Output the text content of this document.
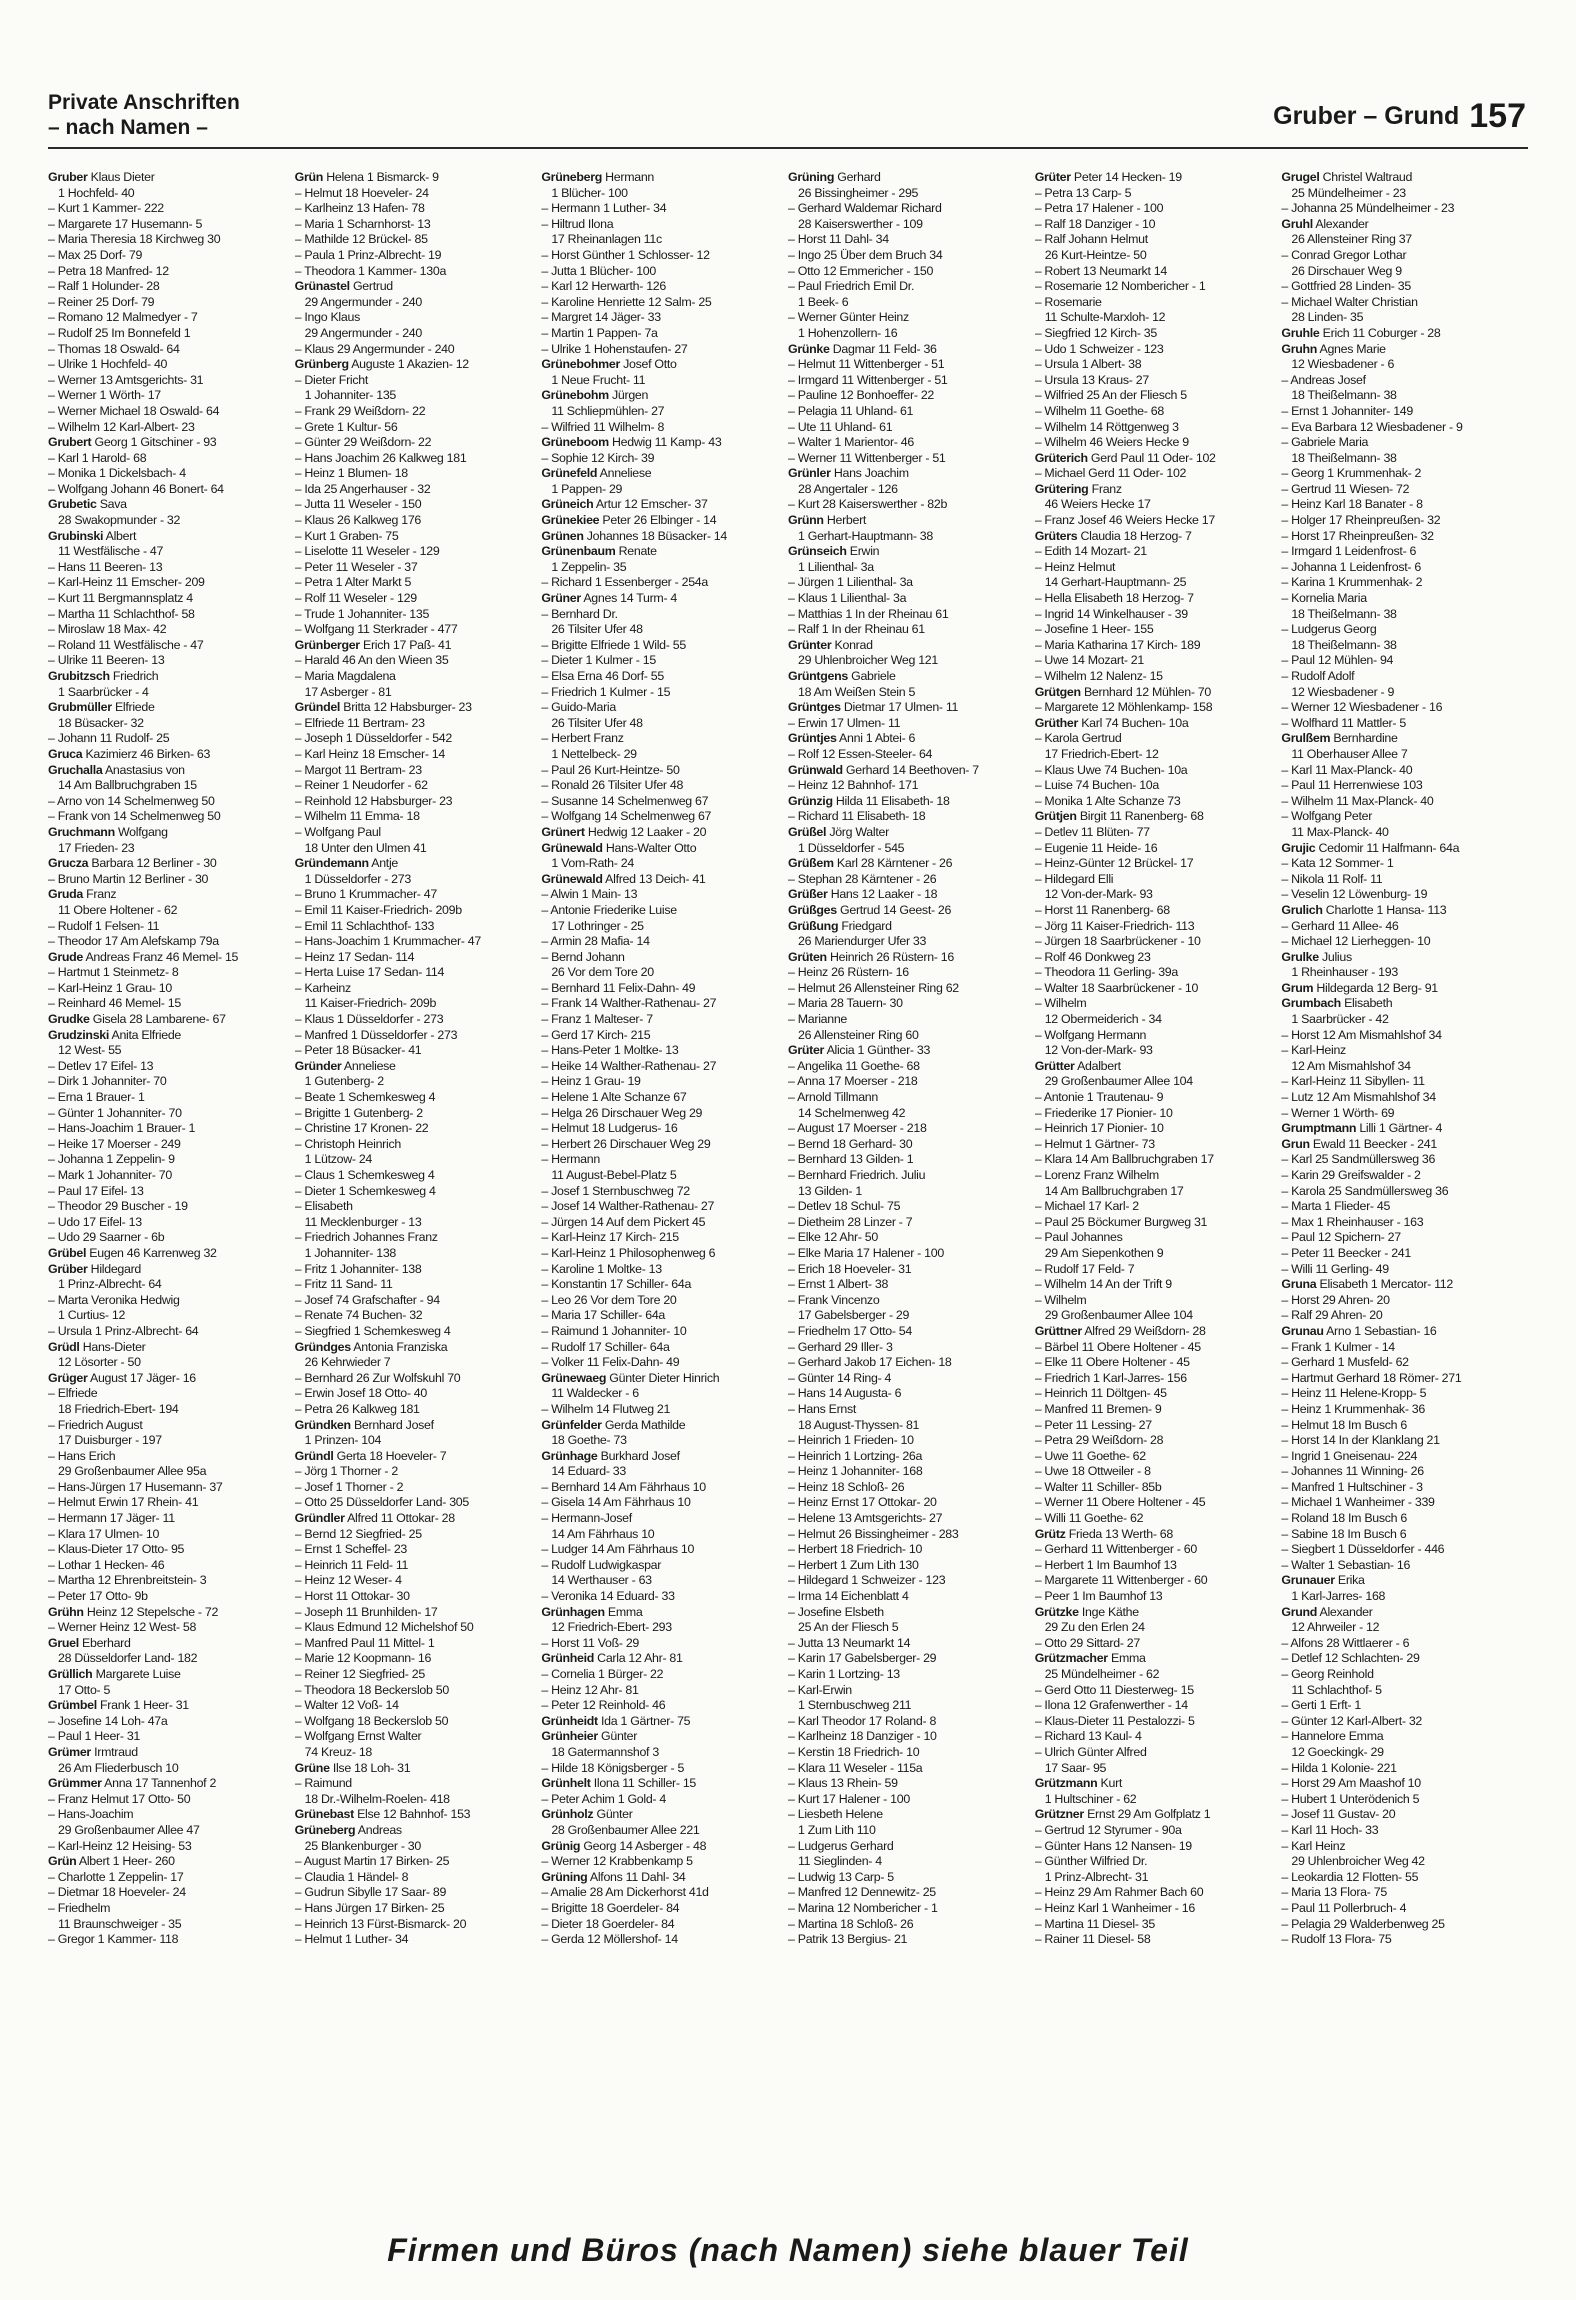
Private Anschriften
– nach Namen –	Gruber – Grund 157
Gruber Klaus Dieter
1 Hochfeld- 40
– Kurt 1 Kammer- 222
– Margarete 17 Husemann- 5
– Maria Theresia 18 Kirchweg 30
– Max 25 Dorf- 79
– Petra 18 Manfred- 12
– Ralf 1 Holunder- 28
– Reiner 25 Dorf- 79
– Romano 12 Malmedyer - 7
– Rudolf 25 Im Bonnefeld 1
– Thomas 18 Oswald- 64
– Ulrike 1 Hochfeld- 40
– Werner 13 Amtsgerichts- 31
– Werner 1 Wörth- 17
– Werner Michael 18 Oswald- 64
– Wilhelm 12 Karl-Albert- 23
Grubert Georg 1 Gitschiner - 93
– Karl 1 Harold- 68
– Monika 1 Dickelsbach- 4
– Wolfgang Johann 46 Bonert- 64
Grubetic Sava
28 Swakopmunder - 32
Grubinski Albert
11 Westfälische - 47
– Hans 11 Beeren- 13
– Karl-Heinz 11 Emscher- 209
– Kurt 11 Bergmannsplatz 4
– Martha 11 Schlachthof- 58
– Miroslaw 18 Max- 42
– Roland 11 Westfälische - 47
– Ulrike 11 Beeren- 13
Grubitzsch Friedrich
1 Saarbrücker - 4
Grubmüller Elfriede
18 Büsacker- 32
– Johann 11 Rudolf- 25
Gruca Kazimierz 46 Birken- 63
Gruchalla Anastasius von
14 Am Ballbruchgraben 15
– Arno von 14 Schelmenweg 50
– Frank von 14 Schelmenweg 50
Gruchmann Wolfgang
17 Frieden- 23
Grucza Barbara 12 Berliner - 30
– Bruno Martin 12 Berliner - 30
Gruda Franz
11 Obere Holtener - 62
– Rudolf 1 Felsen- 11
– Theodor 17 Am Alefskamp 79a
Grude Andreas Franz 46 Memel- 15
– Hartmut 1 Steinmetz- 8
– Karl-Heinz 1 Grau- 10
– Reinhard 46 Memel- 15
Grudke Gisela 28 Lambarene- 67
Grudzinski Anita Elfriede
12 West- 55
– Detlev 17 Eifel- 13
– Dirk 1 Johanniter- 70
– Erna 1 Brauer- 1
– Günter 1 Johanniter- 70
– Hans-Joachim 1 Brauer- 1
– Heike 17 Moerser - 249
– Johanna 1 Zeppelin- 9
– Mark 1 Johanniter- 70
– Paul 17 Eifel- 13
– Theodor 29 Buscher - 19
– Udo 17 Eifel- 13
– Udo 29 Saarner - 6b
Grübel Eugen 46 Karrenweg 32
Grüber Hildegard
1 Prinz-Albrecht- 64
– Marta Veronika Hedwig
1 Curtius- 12
– Ursula 1 Prinz-Albrecht- 64
Grüdl Hans-Dieter
12 Lösorter - 50
Grüger August 17 Jäger- 16
– Elfriede
18 Friedrich-Ebert- 194
– Friedrich August
17 Duisburger - 197
– Hans Erich
29 Großenbaumer Allee 95a
– Hans-Jürgen 17 Husemann- 37
– Helmut Erwin 17 Rhein- 41
– Hermann 17 Jäger- 11
– Klara 17 Ulmen- 10
– Klaus-Dieter 17 Otto- 95
– Lothar 1 Hecken- 46
– Martha 12 Ehrenbreitstein- 3
– Peter 17 Otto- 9b
Grühn Heinz 12 Stepelsche - 72
– Werner Heinz 12 West- 58
Gruel Eberhard
28 Düsseldorfer Land- 182
Grüllich Margarete Luise
17 Otto- 5
Grümbel Frank 1 Heer- 31
– Josefine 14 Loh- 47a
– Paul 1 Heer- 31
Grümer Irmtraud
26 Am Fliederbusch 10
Grümmer Anna 17 Tannenhof 2
– Franz Helmut 17 Otto- 50
– Hans-Joachim
29 Großenbaumer Allee 47
– Karl-Heinz 12 Heising- 53
Grün Albert 1 Heer- 260
– Charlotte 1 Zeppelin- 17
– Dietmar 18 Hoeveler- 24
– Friedhelm
11 Braunschweiger - 35
– Gregor 1 Kammer- 118
Grün Helena 1 Bismarck- 9
– Helmut 18 Hoeveler- 24
– Karlheinz 13 Hafen- 78
– Maria 1 Scharnhorst- 13
– Mathilde 12 Brückel- 85
– Paula 1 Prinz-Albrecht- 19
– Theodora 1 Kammer- 130a
Grünastel Gertrud
29 Angermunder - 240
– Ingo Klaus
29 Angermunder - 240
– Klaus 29 Angermunder - 240
Grünberg Auguste 1 Akazien- 12
– Dieter Fricht
1 Johanniter- 135
– Frank 29 Weißdorn- 22
– Grete 1 Kultur- 56
– Günter 29 Weißdorn- 22
– Hans Joachim 26 Kalkweg 181
– Heinz 1 Blumen- 18
– Ida 25 Angerhauser - 32
– Jutta 11 Weseler - 150
– Klaus 26 Kalkweg 176
– Kurt 1 Graben- 75
– Liselotte 11 Weseler - 129
– Peter 11 Weseler - 37
– Petra 1 Alter Markt 5
– Rolf 11 Weseler - 129
– Trude 1 Johanniter- 135
– Wolfgang 11 Sterkrader - 477
Grünberger Erich 17 Paß- 41
– Harald 46 An den Wieen 35
– Maria Magdalena
17 Asberger - 81
Gründel Britta 12 Habsburger- 23
– Elfriede 11 Bertram- 23
– Joseph 1 Düsseldorfer - 542
– Karl Heinz 18 Emscher- 14
– Margot 11 Bertram- 23
– Reiner 1 Neudorfer - 62
– Reinhold 12 Habsburger- 23
– Wilhelm 11 Emma- 18
– Wolfgang Paul
18 Unter den Ulmen 41
Gründemann Antje
1 Düsseldorfer - 273
– Bruno 1 Krummacher- 47
– Emil 11 Kaiser-Friedrich- 209b
– Emil 11 Schlachthof- 133
– Hans-Joachim 1 Krummacher- 47
– Heinz 17 Sedan- 114
– Herta Luise 17 Sedan- 114
– Karheinz
11 Kaiser-Friedrich- 209b
– Klaus 1 Düsseldorfer - 273
– Manfred 1 Düsseldorfer - 273
– Peter 18 Büsacker- 41
Gründer Anneliese
1 Gutenberg- 2
– Beate 1 Schemkesweg 4
– Brigitte 1 Gutenberg- 2
– Christine 17 Kronen- 22
– Christoph Heinrich
1 Lützow- 24
– Claus 1 Schemkesweg 4
– Dieter 1 Schemkesweg 4
– Elisabeth
11 Mecklenburger - 13
– Friedrich Johannes Franz
1 Johanniter- 138
– Fritz 1 Johanniter- 138
– Fritz 11 Sand- 11
– Josef 74 Grafschafter - 94
– Renate 74 Buchen- 32
– Siegfried 1 Schemkesweg 4
Gründges Antonia Franziska
26 Kehrwieder 7
– Bernhard 26 Zur Wolfskuhl 70
– Erwin Josef 18 Otto- 40
– Petra 26 Kalkweg 181
Gründken Bernhard Josef
1 Prinzen- 104
Gründl Gerta 18 Hoeveler- 7
– Jörg 1 Thorner - 2
– Josef 1 Thorner - 2
– Otto 25 Düsseldorfer Land- 305
Gründler Alfred 11 Ottokar- 28
– Bernd 12 Siegfried- 25
– Ernst 1 Scheffel- 23
– Heinrich 11 Feld- 11
– Heinz 12 Weser- 4
– Horst 11 Ottokar- 30
– Joseph 11 Brunhilden- 17
– Klaus Edmund 12 Michelshof 50
– Manfred Paul 11 Mittel- 1
– Marie 12 Koopmann- 16
– Reiner 12 Siegfried- 25
– Theodora 18 Beckerslob 50
– Walter 12 Voß- 14
– Wolfgang 18 Beckerslob 50
– Wolfgang Ernst Walter
74 Kreuz- 18
Grüne Ilse 18 Loh- 31
– Raimund
18 Dr.-Wilhelm-Roelen- 418
Grünebast Else 12 Bahnhof- 153
Grüneberg Andreas
25 Blankenburger - 30
– August Martin 17 Birken- 25
– Claudia 1 Händel- 8
– Gudrun Sibylle 17 Saar- 89
– Hans Jürgen 17 Birken- 25
– Heinrich 13 Fürst-Bismarck- 20
– Helmut 1 Luther- 34
Grüneberg Hermann
1 Blücher- 100
– Hermann 1 Luther- 34
– Hiltrud Ilona
17 Rheinanlagen 11c
– Horst Günther 1 Schlosser- 12
– Jutta 1 Blücher- 100
– Karl 12 Herwarth- 126
– Karoline Henriette 12 Salm- 25
– Margret 14 Jäger- 33
– Martin 1 Pappen- 7a
– Ulrike 1 Hohenstaufen- 27
Grünebohmer Josef Otto
1 Neue Frucht- 11
Grünebohm Jürgen
11 Schliepmühlen- 27
– Wilfried 11 Wilhelm- 8
Grüneboom Hedwig 11 Kamp- 43
– Sophie 12 Kirch- 39
Grünefeld Anneliese
1 Pappen- 29
Grüneich Artur 12 Emscher- 37
Grünekiee Peter 26 Elbinger - 14
Grünen Johannes 18 Büsacker- 14
Grünenbaum Renate
1 Zeppelin- 35
– Richard 1 Essenberger - 254a
Grüner Agnes 14 Turm- 4
– Bernhard Dr.
26 Tilsiter Ufer 48
– Brigitte Elfriede 1 Wild- 55
– Dieter 1 Kulmer - 15
– Elsa Erna 46 Dorf- 55
– Friedrich 1 Kulmer - 15
– Guido-Maria
26 Tilsiter Ufer 48
– Herbert Franz
1 Nettelbeck- 29
– Paul 26 Kurt-Heintze- 50
– Ronald 26 Tilsiter Ufer 48
– Susanne 14 Schelmenweg 67
– Wolfgang 14 Schelmenweg 67
Grünert Hedwig 12 Laaker - 20
Grünewald Hans-Walter Otto
1 Vom-Rath- 24
Grünewald Alfred 13 Deich- 41
– Alwin 1 Main- 13
– Antonie Friederike Luise
17 Lothringer - 25
– Armin 28 Mafia- 14
– Bernd Johann
26 Vor dem Tore 20
– Bernhard 11 Felix-Dahn- 49
– Frank 14 Walther-Rathenau- 27
– Franz 1 Malteser- 7
– Gerd 17 Kirch- 215
– Hans-Peter 1 Moltke- 13
– Heike 14 Walther-Rathenau- 27
– Heinz 1 Grau- 19
– Helene 1 Alte Schanze 67
– Helga 26 Dirschauer Weg 29
– Helmut 18 Ludgerus- 16
– Herbert 26 Dirschauer Weg 29
– Hermann
11 August-Bebel-Platz 5
– Josef 1 Sternbuschweg 72
– Josef 14 Walther-Rathenau- 27
– Jürgen 14 Auf dem Pickert 45
– Karl-Heinz 17 Kirch- 215
– Karl-Heinz 1 Philosophenweg 6
– Karoline 1 Moltke- 13
– Konstantin 17 Schiller- 64a
– Leo 26 Vor dem Tore 20
– Maria 17 Schiller- 64a
– Raimund 1 Johanniter- 10
– Rudolf 17 Schiller- 64a
– Volker 11 Felix-Dahn- 49
Grünewaeg Günter Dieter Hinrich
11 Waldecker - 6
– Wilhelm 14 Flutweg 21
Grünfelder Gerda Mathilde
18 Goethe- 73
Grünhage Burkhard Josef
14 Eduard- 33
– Bernhard 14 Am Fährhaus 10
– Gisela 14 Am Fährhaus 10
– Hermann-Josef
14 Am Fährhaus 10
– Ludger 14 Am Fährhaus 10
– Rudolf Ludwigkaspar
14 Werthauser - 63
– Veronika 14 Eduard- 33
Grünhagen Emma
12 Friedrich-Ebert- 293
– Horst 11 Voß- 29
Grünheid Carla 12 Ahr- 81
– Cornelia 1 Bürger- 22
– Heinz 12 Ahr- 81
– Peter 12 Reinhold- 46
Grünheidt Ida 1 Gärtner- 75
Grünheier Günter
18 Gatermannshof 3
– Hilde 18 Königsberger - 5
Grünhelt Ilona 11 Schiller- 15
– Peter Achim 1 Gold- 4
Grünholz Günter
28 Großenbaumer Allee 221
Grünig Georg 14 Asberger - 48
– Werner 12 Krabbenkamp 5
Grüning Alfons 11 Dahl- 34
– Amalie 28 Am Dickerhorst 41d
– Brigitte 18 Goerdeler- 84
– Dieter 18 Goerdeler- 84
– Gerda 12 Möllershof- 14
Grüning Gerhard
26 Bissingheimer - 295
– Gerhard Waldemar Richard
28 Kaiserswerther - 109
– Horst 11 Dahl- 34
– Ingo 25 Über dem Bruch 34
– Otto 12 Emmericher - 150
– Paul Friedrich Emil Dr.
1 Beek- 6
– Werner Günter Heinz
1 Hohenzollern- 16
Grünke Dagmar 11 Feld- 36
– Helmut 11 Wittenberger - 51
– Irmgard 11 Wittenberger - 51
– Pauline 12 Bonhoeffer- 22
– Pelagia 11 Uhland- 61
– Ute 11 Uhland- 61
– Walter 1 Marientor- 46
– Werner 11 Wittenberger - 51
Grünler Hans Joachim
28 Angertaler - 126
– Kurt 28 Kaiserswerther - 82b
Grünn Herbert
1 Gerhart-Hauptmann- 38
Grünseich Erwin
1 Lilienthal- 3a
– Jürgen 1 Lilienthal- 3a
– Klaus 1 Lilienthal- 3a
– Matthias 1 In der Rheinau 61
– Ralf 1 In der Rheinau 61
Grünter Konrad
29 Uhlenbroicher Weg 121
Grüntgens Gabriele
18 Am Weißen Stein 5
Grüntges Dietmar 17 Ulmen- 11
– Erwin 17 Ulmen- 11
Grüntjes Anni 1 Abtei- 6
– Rolf 12 Essen-Steeler- 64
Grünwald Gerhard 14 Beethoven- 7
– Heinz 12 Bahnhof- 171
Grünzig Hilda 11 Elisabeth- 18
– Richard 11 Elisabeth- 18
Grüßel Jörg Walter
1 Düsseldorfer - 545
Grüßem Karl 28 Kärntener - 26
– Stephan 28 Kärntener - 26
Grüßer Hans 12 Laaker - 18
Grüßges Gertrud 14 Geest- 26
Grüßung Friedgard
26 Mariendurger Ufer 33
Grüten Heinrich 26 Rüstern- 16
– Heinz 26 Rüstern- 16
– Helmut 26 Allensteiner Ring 62
– Maria 28 Tauern- 30
– Marianne
26 Allensteiner Ring 60
Grüter Alicia 1 Günther- 33
– Angelika 11 Goethe- 68
– Anna 17 Moerser - 218
– Arnold Tillmann
14 Schelmenweg 42
– August 17 Moerser - 218
– Bernd 18 Gerhard- 30
– Bernhard 13 Gilden- 1
– Bernhard Friedrich. Juliu
13 Gilden- 1
– Detlev 18 Schul- 75
– Dietheim 28 Linzer - 7
– Elke 12 Ahr- 50
– Elke Maria 17 Halener - 100
– Erich 18 Hoeveler- 31
– Ernst 1 Albert- 38
– Frank Vincenzo
17 Gabelsberger - 29
– Friedhelm 17 Otto- 54
– Gerhard 29 Iller- 3
– Gerhard Jakob 17 Eichen- 18
– Günter 14 Ring- 4
– Hans 14 Augusta- 6
– Hans Ernst
18 August-Thyssen- 81
– Heinrich 1 Frieden- 10
– Heinrich 1 Lortzing- 26a
– Heinz 1 Johanniter- 168
– Heinz 18 Schloß- 26
– Heinz Ernst 17 Ottokar- 20
– Helene 13 Amtsgerichts- 27
– Helmut 26 Bissingheimer - 283
– Herbert 18 Friedrich- 10
– Herbert 1 Zum Lith 130
– Hildegard 1 Schweizer - 123
– Irma 14 Eichenblatt 4
– Josefine Elsbeth
25 An der Fliesch 5
– Jutta 13 Neumarkt 14
– Karin 17 Gabelsberger- 29
– Karin 1 Lortzing- 13
– Karl-Erwin
1 Sternbuschweg 211
– Karl Theodor 17 Roland- 8
– Karlheinz 18 Danziger - 10
– Kerstin 18 Friedrich- 10
– Klara 11 Weseler - 115a
– Klaus 13 Rhein- 59
– Kurt 17 Halener - 100
– Liesbeth Helene
1 Zum Lith 110
– Ludgerus Gerhard
11 Sieglinden- 4
– Ludwig 13 Carp- 5
– Manfred 12 Dennewitz- 25
– Marina 12 Nombericher - 1
– Martina 18 Schloß- 26
– Patrik 13 Bergius- 21
Grüter Peter 14 Hecken- 19
– Petra 13 Carp- 5
– Petra 17 Halener - 100
– Ralf 18 Danziger - 10
– Ralf Johann Helmut
26 Kurt-Heintze- 50
– Robert 13 Neumarkt 14
– Rosemarie 12 Nombericher - 1
– Rosemarie
11 Schulte-Marxloh- 12
– Siegfried 12 Kirch- 35
– Udo 1 Schweizer - 123
– Ursula 1 Albert- 38
– Ursula 13 Kraus- 27
– Wilfried 25 An der Fliesch 5
– Wilhelm 11 Goethe- 68
– Wilhelm 14 Röttgenweg 3
– Wilhelm 46 Weiers Hecke 9
Grüterich Gerd Paul 11 Oder- 102
– Michael Gerd 11 Oder- 102
Grütering Franz
46 Weiers Hecke 17
– Franz Josef 46 Weiers Hecke 17
Grüters Claudia 18 Herzog- 7
– Edith 14 Mozart- 21
– Heinz Helmut
14 Gerhart-Hauptmann- 25
– Hella Elisabeth 18 Herzog- 7
– Ingrid 14 Winkelhauser - 39
– Josefine 1 Heer- 155
– Maria Katharina 17 Kirch- 189
– Uwe 14 Mozart- 21
– Wilhelm 12 Nalenz- 15
Grütgen Bernhard 12 Mühlen- 70
– Margarete 12 Möhlenkamp- 158
Grüther Karl 74 Buchen- 10a
– Karola Gertrud
17 Friedrich-Ebert- 12
– Klaus Uwe 74 Buchen- 10a
– Luise 74 Buchen- 10a
– Monika 1 Alte Schanze 73
Grütjen Birgit 11 Ranenberg- 68
– Detlev 11 Blüten- 77
– Eugenie 11 Heide- 16
– Heinz-Günter 12 Brückel- 17
– Hildegard Elli
12 Von-der-Mark- 93
– Horst 11 Ranenberg- 68
– Jörg 11 Kaiser-Friedrich- 113
– Jürgen 18 Saarbrückener - 10
– Rolf 46 Donkweg 23
– Theodora 11 Gerling- 39a
– Walter 18 Saarbrückener - 10
– Wilhelm
12 Obermeiderich - 34
– Wolfgang Hermann
12 Von-der-Mark- 93
Grütter Adalbert
29 Großenbaumer Allee 104
– Antonie 1 Trautenau- 9
– Friederike 17 Pionier- 10
– Heinrich 17 Pionier- 10
– Helmut 1 Gärtner- 73
– Klara 14 Am Ballbruchgraben 17
– Lorenz Franz Wilhelm
14 Am Ballbruchgraben 17
– Michael 17 Karl- 2
– Paul 25 Böckumer Burgweg 31
– Paul Johannes
29 Am Siepenkothen 9
– Rudolf 17 Feld- 7
– Wilhelm 14 An der Trift 9
– Wilhelm
29 Großenbaumer Allee 104
Grüttner Alfred 29 Weißdorn- 28
– Bärbel 11 Obere Holtener - 45
– Elke 11 Obere Holtener - 45
– Friedrich 1 Karl-Jarres- 156
– Heinrich 11 Döltgen- 45
– Manfred 11 Bremen- 9
– Peter 11 Lessing- 27
– Petra 29 Weißdorn- 28
– Uwe 11 Goethe- 62
– Uwe 18 Ottweiler - 8
– Walter 11 Schiller- 85b
– Werner 11 Obere Holtener - 45
– Willi 11 Goethe- 62
Grütz Frieda 13 Werth- 68
– Gerhard 11 Wittenberger - 60
– Herbert 1 Im Baumhof 13
– Margarete 11 Wittenberger - 60
– Peer 1 Im Baumhof 13
Grützke Inge Käthe
29 Zu den Erlen 24
– Otto 29 Sittard- 27
Grützmacher Emma
25 Mündelheimer - 62
– Gerd Otto 11 Diesterweg- 15
– Ilona 12 Grafenwerther - 14
– Klaus-Dieter 11 Pestalozzi- 5
– Richard 13 Kaul- 4
– Ulrich Günter Alfred
17 Saar- 95
Grützmann Kurt
1 Hultschiner - 62
Grützner Ernst 29 Am Golfplatz 1
– Gertrud 12 Styrumer - 90a
– Günter Hans 12 Nansen- 19
– Günther Wilfried Dr.
1 Prinz-Albrecht- 31
– Heinz 29 Am Rahmer Bach 60
– Heinz Karl 1 Wanheimer - 16
– Martina 11 Diesel- 35
– Rainer 11 Diesel- 58
Grugel Christel Waltraud
25 Mündelheimer - 23
– Johanna 25 Mündelheimer - 23
Gruhl Alexander
26 Allensteiner Ring 37
– Conrad Gregor Lothar
26 Dirschauer Weg 9
– Gottfried 28 Linden- 35
– Michael Walter Christian
28 Linden- 35
Gruhle Erich 11 Coburger - 28
Gruhn Agnes Marie
12 Wiesbadener - 6
– Andreas Josef
18 Theißelmann- 38
– Ernst 1 Johanniter- 149
– Eva Barbara 12 Wiesbadener - 9
– Gabriele Maria
18 Theißelmann- 38
– Georg 1 Krummenhak- 2
– Gertrud 11 Wiesen- 72
– Heinz Karl 18 Banater - 8
– Holger 17 Rheinpreußen- 32
– Horst 17 Rheinpreußen- 32
– Irmgard 1 Leidenfrost- 6
– Johanna 1 Leidenfrost- 6
– Karina 1 Krummenhak- 2
– Kornelia Maria
18 Theißelmann- 38
– Ludgerus Georg
18 Theißelmann- 38
– Paul 12 Mühlen- 94
– Rudolf Adolf
12 Wiesbadener - 9
– Werner 12 Wiesbadener - 16
– Wolfhard 11 Mattler- 5
Grulßem Bernhardine
11 Oberhauser Allee 7
– Karl 11 Max-Planck- 40
– Paul 11 Herrenwiese 103
– Wilhelm 11 Max-Planck- 40
– Wolfgang Peter
11 Max-Planck- 40
Grujic Cedomir 11 Halfmann- 64a
– Kata 12 Sommer- 1
– Nikola 11 Rolf- 11
– Veselin 12 Löwenburg- 19
Grulich Charlotte 1 Hansa- 113
– Gerhard 11 Allee- 46
– Michael 12 Lierheggen- 10
Grulke Julius
1 Rheinhauser - 193
Grum Hildegarda 12 Berg- 91
Grumbach Elisabeth
1 Saarbrücker - 42
– Horst 12 Am Mismahlshof 34
– Karl-Heinz
12 Am Mismahlshof 34
– Karl-Heinz 11 Sibyllen- 11
– Lutz 12 Am Mismahlshof 34
– Werner 1 Wörth- 69
Grumptmann Lilli 1 Gärtner- 4
Grun Ewald 11 Beecker - 241
– Karl 25 Sandmüllersweg 36
– Karin 29 Greifswalder - 2
– Karola 25 Sandmüllersweg 36
– Marta 1 Flieder- 45
– Max 1 Rheinhauser - 163
– Paul 12 Spichern- 27
– Peter 11 Beecker - 241
– Willi 11 Gerling- 49
Gruna Elisabeth 1 Mercator- 112
– Horst 29 Ahren- 20
– Ralf 29 Ahren- 20
Grunau Arno 1 Sebastian- 16
– Frank 1 Kulmer - 14
– Gerhard 1 Musfeld- 62
– Hartmut Gerhard 18 Römer- 271
– Heinz 11 Helene-Kropp- 5
– Heinz 1 Krummenhak- 36
– Helmut 18 Im Busch 6
– Horst 14 In der Klanklang 21
– Ingrid 1 Gneisenau- 224
– Johannes 11 Winning- 26
– Manfred 1 Hultschiner - 3
– Michael 1 Wanheimer - 339
– Roland 18 Im Busch 6
– Sabine 18 Im Busch 6
– Siegbert 1 Düsseldorfer - 446
– Walter 1 Sebastian- 16
Grunauer Erika
1 Karl-Jarres- 168
Grund Alexander
12 Ahrweiler - 12
– Alfons 28 Wittlaerer - 6
– Detlef 12 Schlachten- 29
– Georg Reinhold
11 Schlachthof- 5
– Gerti 1 Erft- 1
– Günter 12 Karl-Albert- 32
– Hannelore Emma
12 Goeckingk- 29
– Hilda 1 Kolonie- 221
– Horst 29 Am Maashof 10
– Hubert 1 Unterödenich 5
– Josef 11 Gustav- 20
– Karl 11 Hoch- 33
– Karl Heinz
29 Uhlenbroicher Weg 42
– Leokardia 12 Flotten- 55
– Maria 13 Flora- 75
– Paul 11 Pollerbruch- 4
– Pelagia 29 Walderbenweg 25
– Rudolf 13 Flora- 75
Firmen und Büros (nach Namen) siehe blauer Teil
